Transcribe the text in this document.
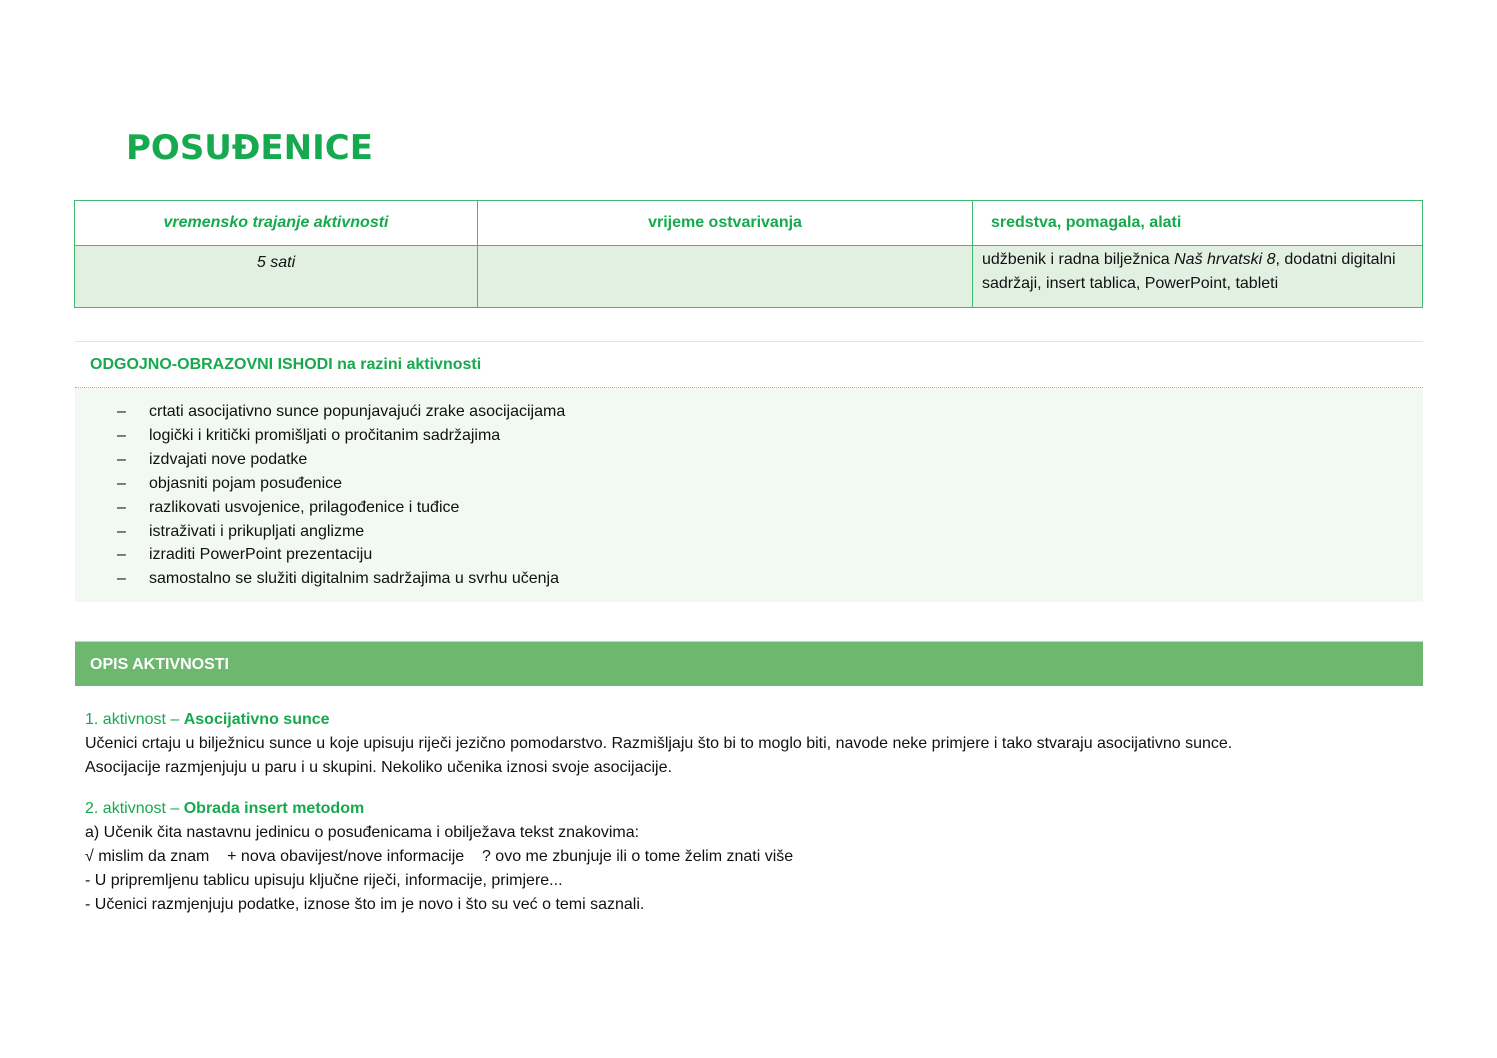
POSUĐENICE
vremensko trajanje aktivnosti	vrijeme ostvarivanja	sredstva, pomagala, alati
5 sati		udžbenik i radna bilježnica Naš hrvatski 8, dodatni digitalni sadržaji, insert tablica, PowerPoint, tableti
ODGOJNO-OBRAZOVNI ISHODI na razini aktivnosti
– crtati asocijativno sunce popunjavajući zrake asocijacijama
– logički i kritički promišljati o pročitanim sadržajima
– izdvajati nove podatke
– objasniti pojam posuđenice
– razlikovati usvojenice, prilagođenice i tuđice
– istraživati i prikupljati anglizme
– izraditi PowerPoint prezentaciju
– samostalno se služiti digitalnim sadržajima u svrhu učenja
OPIS AKTIVNOSTI
1. aktivnost – Asocijativno sunce

Učenici crtaju u bilježnicu sunce u koje upisuju riječi jezično pomodarstvo. Razmišljaju što bi to moglo biti, navode neke primjere i tako stvaraju asocijativno sunce.

Asocijacije razmjenjuju u paru i u skupini. Nekoliko učenika iznosi svoje asocijacije.

2. aktivnost – Obrada insert metodom

a) Učenik čita nastavnu jedinicu o posuđenicama i obilježava tekst znakovima:

√ mislim da znam    + nova obavijest/nove informacije    ? ovo me zbunjuje ili o tome želim znati više

- U pripremljenu tablicu upisuju ključne riječi, informacije, primjere...

- Učenici razmjenjuju podatke, iznose što im je novo i što su već o temi saznali.
